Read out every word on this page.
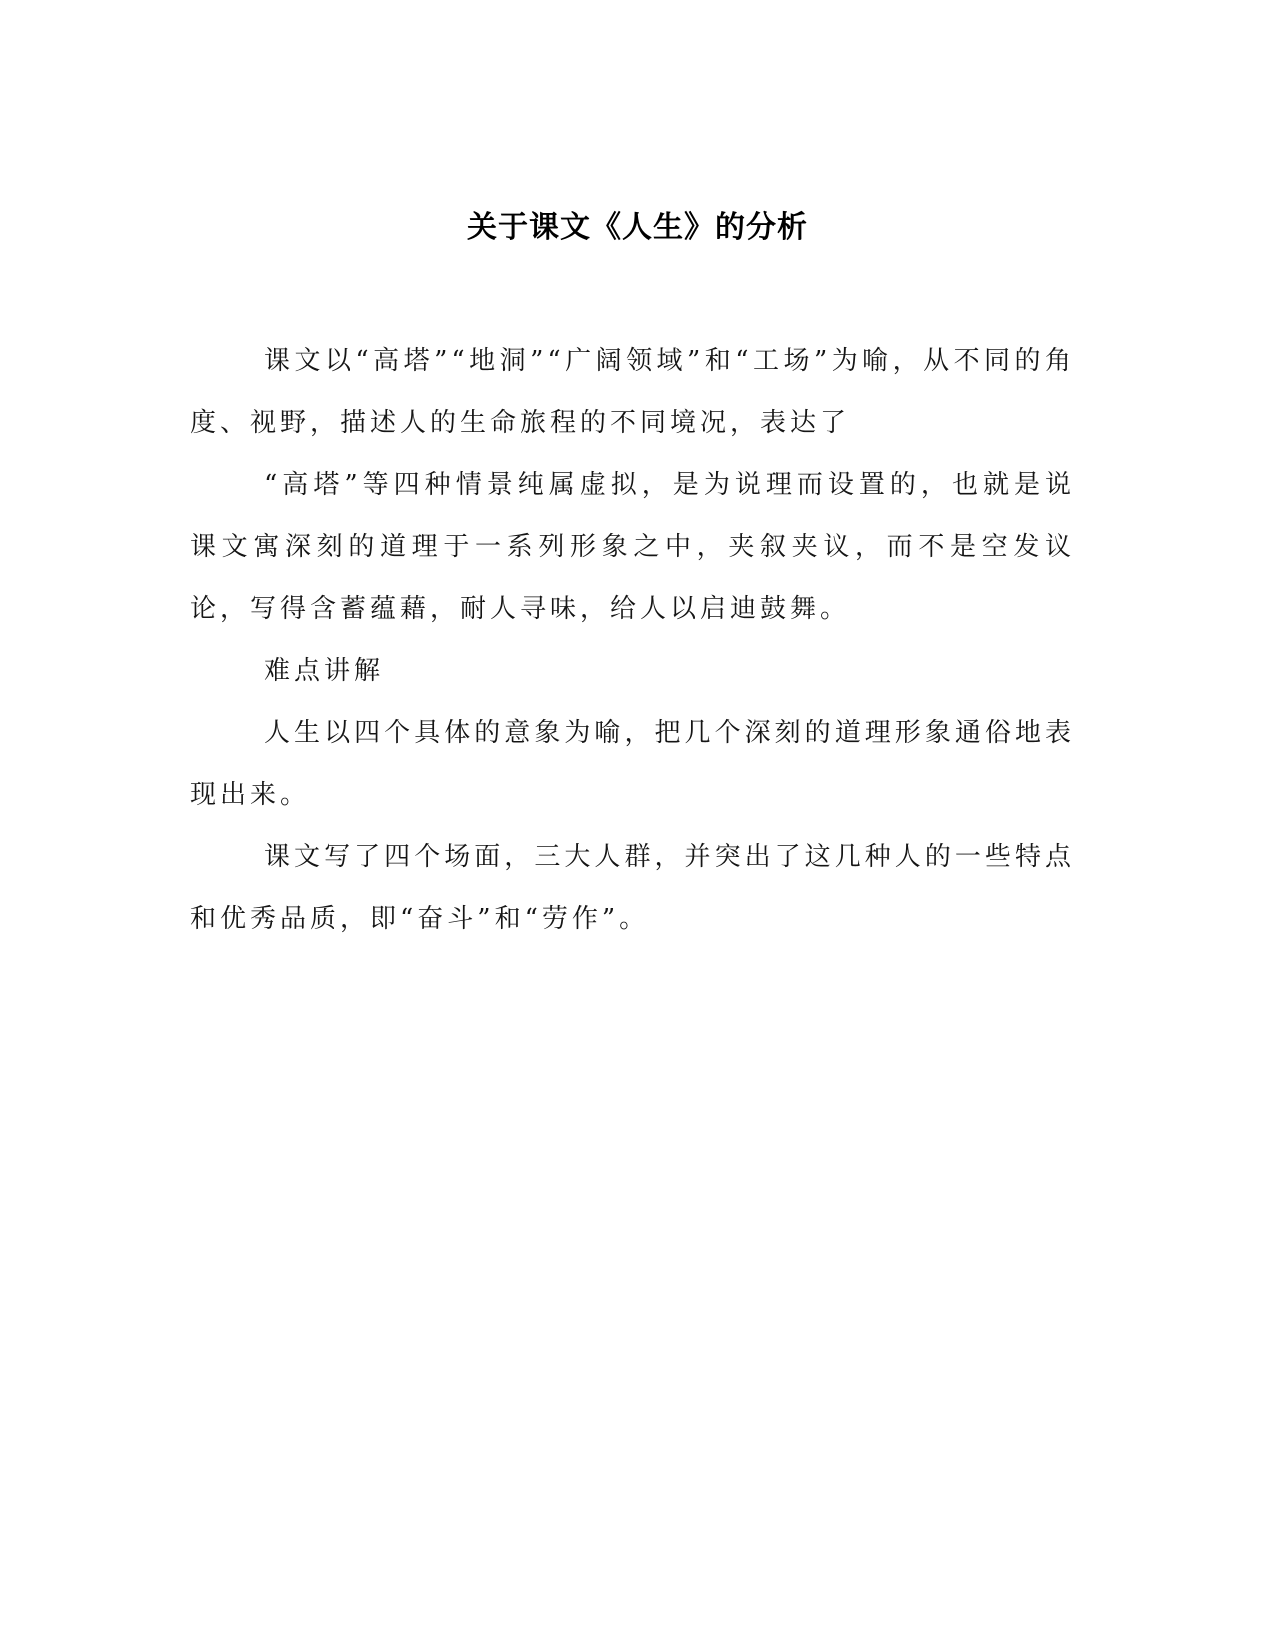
关于课文《人生》的分析

课文以“高塔”“地洞”“广阔领域”和“工场”为喻，从不同的角度、视野，描述人的生命旅程的不同境况，表达了

“高塔”等四种情景纯属虚拟，是为说理而设置的，也就是说课文寓深刻的道理于一系列形象之中，夹叙夹议，而不是空发议论，写得含蓄蕴藉，耐人寻味，给人以启迪鼓舞。

难点讲解

人生以四个具体的意象为喻，把几个深刻的道理形象通俗地表现出来。

课文写了四个场面，三大人群，并突出了这几种人的一些特点和优秀品质，即“奋斗”和“劳作”。
